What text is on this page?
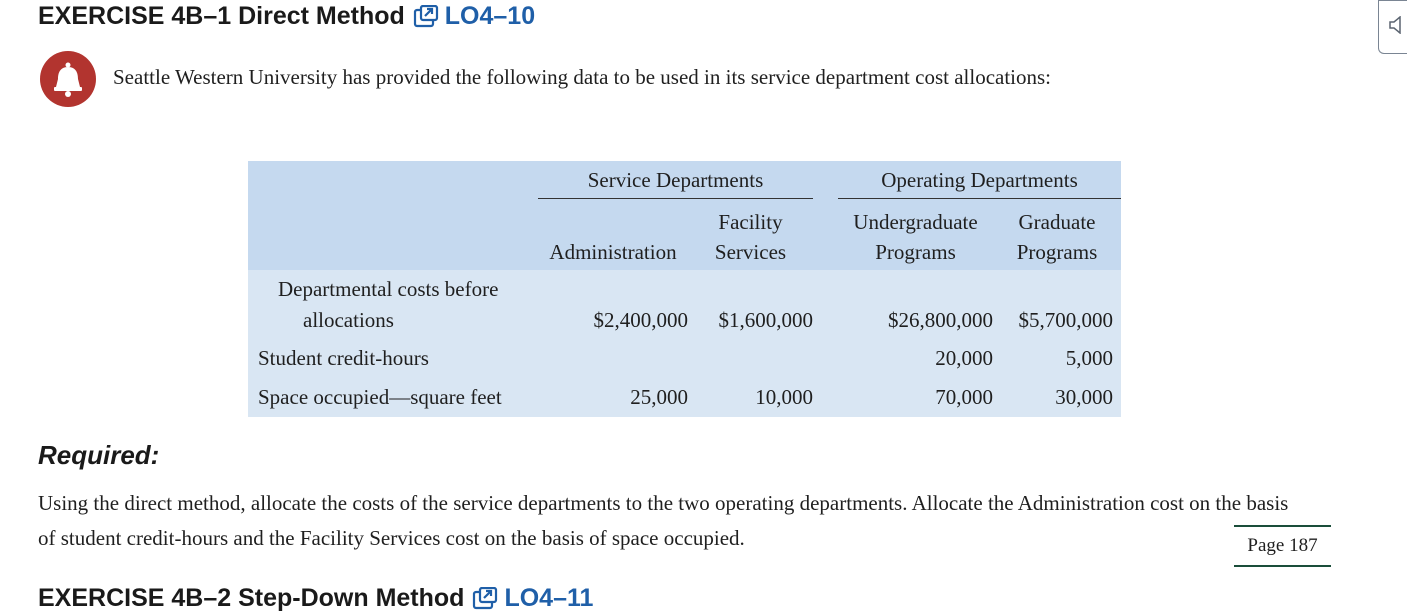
EXERCISE 4B–1 Direct Method LO4–10

Seattle Western University has provided the following data to be used in its service department cost allocations:

	Service Departments			Operating Departments	

		Facility		Undergraduate	Graduate
	Administration	Services		Programs	Programs
Departmental costs before					
allocations	$2,400,000	$1,600,000		$26,800,000	$5,700,000
Student credit-hours				20,000	5,000
Space occupied—square feet	25,000	10,000		70,000	30,000
Required:

Using the direct method, allocate the costs of the service departments to the two operating departments. Allocate the Administration cost on the basis of student credit-hours and the Facility Services cost on the basis of space occupied.	Page 187
EXERCISE 4B–2 Step-Down Method LO4–11
